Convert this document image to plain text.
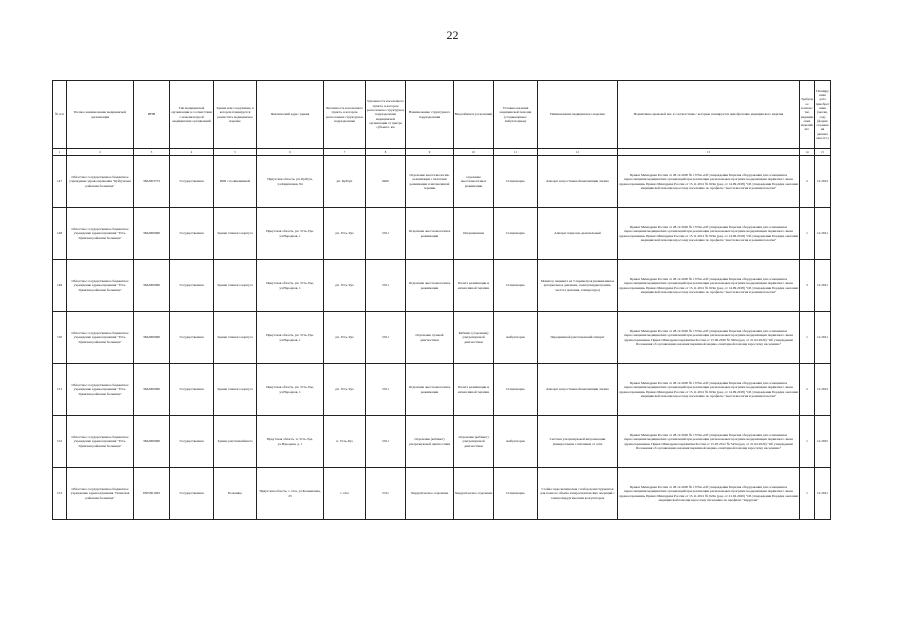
22
№ п/п	Полное наименование медицинской организации	ИНН	Тип медицинской организации в соответствии с номенклатурой медицинских организаций	Здание или сооружение, в котором планируется разместить медицинское изделие	Фактический адрес здания	Численность населенного пункта, в котором расположена структурное подразделение	Удаленность населенного пункта, в котором расположено структурное подразделение медицинской организации от центра субъекта, км	Наименование структурного подразделения	Вид кабинета (отделения)	Условия оказания медицинской помощи (стационарные/амбулаторные)	Наименование медицинского изделия	Нормативно-правовой акт, в соответствии с которым планируется приобретение медицинского изделия	Требуемое количество медицинских изделий, шт.	Планируемая дата приобретения (месяц, год) (форма: отражения данных мм.гггг.)
1	2	3	4	5	6	7	8	9	10	11	12	13	14	15
147	Областное государственное бюджетное учреждение здравоохранения "Куйтунская районная больница"	3822003753	Государственная	ЦРБ с поликлиникой	Иркутская область, рп. Куйтун, ул.Кирпичная, 84	рп. Куйтун	9400	Отделение анестезиологии-реанимации с палатами реанимации и интенсивной терапии	отделение анестезиологии и реанимации	Стационарно	Аппарат искусственной вентиляции легких	Приказ Минздрава России от 28.12.2020 № 1379н «Об утверждении Перечня оборудования для оснащения и переоснащения медицинских организаций при реализации региональных программ модернизации первичного звена здравоохранения» Приказ Минздрава России от 15.11.2012 № 919н (ред. от 14.09.2018) "Об утверждении Порядка оказания медицинской помощи взрослому населению по профилю "анестезиология и реаниматология"	2	12.2023
148	Областное государственное бюджетное учреждение здравоохранения "Усть-Удинская районная больница"	3842000960	Государственная	Здание главного корпуса	Иркутская область, рп. Усть-Уда, ул.Народная, 1	рп. Усть-Уда	5521	Отделение анестезиологии и реанимации	Операционная	Стационарно	Аппарат наркозно-дыхательный	Приказ Минздрава России от 28.12.2020 № 1379н «Об утверждении Перечня оборудования для оснащения и переоснащения медицинских организаций при реализации региональных программ модернизации первичного звена здравоохранения» Приказ Минздрава России от 15.11.2012 № 919н (ред. от 14.09.2018) "Об утверждении Порядка оказания медицинской помощи взрослому населению по профилю "анестезиология и реаниматология"	1	12.2021
149	Областное государственное бюджетное учреждение здравоохранения "Усть-Удинская районная больница"	3842000960	Государственная	Здание главного корпуса	Иркутская область, рп. Усть-Уда, ул.Народная, 1	рп. Усть-Уда	5521	Отделение анестезиологии и реанимации	Палата реанимации и интенсивной терапии	Стационарно	Монитор пациента на 5 параметров (неинвазивное артериальное давление, электрокардиограмма, частота дыхания, температура)	Приказ Минздрава России от 28.12.2020 № 1379н «Об утверждении Перечня оборудования для оснащения и переоснащения медицинских организаций при реализации региональных программ модернизации первичного звена здравоохранения» Приказ Минздрава России от 15.11.2012 № 919н (ред. от 14.09.2018) "Об утверждении Порядка оказания медицинской помощи взрослому населению по профилю "анестезиология и реаниматология"	3	12.2021
150	Областное государственное бюджетное учреждение здравоохранения "Усть-Удинская районная больница"	3842000960	Государственная	Здание главного корпуса	Иркутская область, рп. Усть-Уда, ул.Народная, 1	рп. Усть-Уда	5521	Отделение лучевой диагностики	Кабинет (отделение) ультразвуковой диагностики	Амбулаторно	Передвижной рентгеновский аппарат	Приказ Минздрава России от 28.12.2020 № 1379н «Об утверждении Перечня оборудования для оснащения и переоснащения медицинских организаций при реализации региональных программ модернизации первичного звена здравоохранения» Приказ Минздравсоцразвития России от 15.06.2020 № 560н (ред. от 21.02.2020) "Об утверждении Положения об организации оказания первичной медико-санитарной помощи взрослому населению"	1	12.2021
151	Областное государственное бюджетное учреждение здравоохранения "Усть-Удинская районная больница"	3842000960	Государственная	Здание главного корпуса	Иркутская область, рп. Усть-Уда, ул.Народная, 1	рп. Усть-Уда	5521	Отделение анестезиологии и реанимации	Палата реанимации и интенсивной терапии	Стационарно	Аппарат искусственной вентиляции легких	Приказ Минздрава России от 28.12.2020 № 1379н «Об утверждении Перечня оборудования для оснащения и переоснащения медицинских организаций при реализации региональных программ модернизации первичного звена здравоохранения» Приказ Минздрава России от 15.11.2012 № 919н (ред. от 14.09.2018) "Об утверждении Порядка оказания медицинской помощи взрослому населению по профилю "анестезиология и реаниматология"	2	12.2023
152	Областное государственное бюджетное учреждение здравоохранения "Усть-Удинская районная больница"	3842000960	Государственная	Здание рентгенкабинета	Иркутская область, п. Усть-Уда, ул.Народная, д. 1	п. Усть-Уда	5521	Отделение (кабинет) ультразвуковой диагностики	Отделение (кабинет) ультразвуковой диагностики	Амбулаторно	Система ультразвуковой визуализации универсальная с питанием от сети	Приказ Минздрава России от 28.12.2020 № 1379н «Об утверждении Перечня оборудования для оснащения и переоснащения медицинских организаций при реализации региональных программ модернизации первичного звена здравоохранения» Приказ Минздравсоцразвития России от 15.05.2012 № 543н (ред. от 21.02.2020) "Об утверждении Положения об организации оказания первичной медико-санитарной помощи взрослому населению"	1	12.2025
153	Областное государственное бюджетное учреждение здравоохранения "Осинская районная больница"	8505001963	Государственная	Больница	Иркутская область, с. Оса, ул.Больничная, 25	с. Оса	5311	Хирургическое отделение	Хирургическое отделение	Стационарно	Стойка эндоскопическая с набором инструментов для полного объема лапароскопических операций с электрохирургическим коагулятором	Приказ Минздрава России от 28.12.2020 № 1379н «Об утверждении Перечня оборудования для оснащения и переоснащения медицинских организаций при реализации региональных программ модернизации первичного звена здравоохранения» Приказ Минздрава России от 15.11.2012 № 922н (ред. от 21.02.2020) "Об утверждении Порядка оказания медицинской помощи взрослому населению по профилю "хирургия"	1	12.2021
